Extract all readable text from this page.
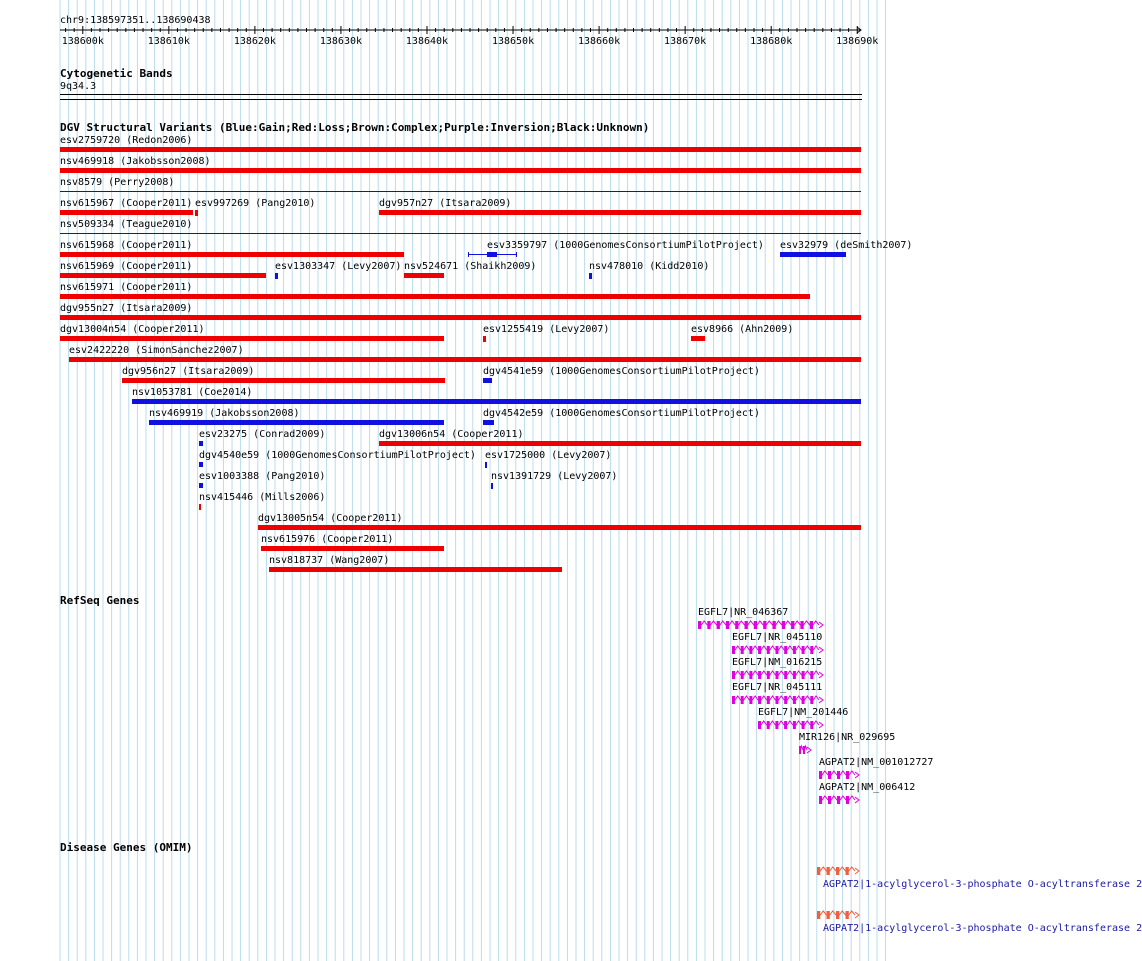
chr9:138597351..138690438
138600k	138610k	138620k	138630k	138640k	138650k	138660k	138670k	138680k	138690k
Cytogenetic Bands
9q34.3
DGV Structural Variants (Blue:Gain;Red:Loss;Brown:Complex;Purple:Inversion;Black:Unknown)
esv2759720 (Redon2006)
nsv469918 (Jakobsson2008)
nsv8579 (Perry2008)
nsv615967 (Cooper2011) esv997269 (Pang2010)	dgv957n27 (Itsara2009)
nsv509334 (Teague2010)
nsv615968 (Cooper2011)	esv3359797 (1000GenomesConsortiumPilotProject) esv32979 (deSmith2007)
nsv615969 (Cooper2011)	esv1303347 (Levy2007) nsv524671 (Shaikh2009)	nsv478010 (Kidd2010)
nsv615971 (Cooper2011)
dgv955n27 (Itsara2009)
dgv13004n54 (Cooper2011)	esv1255419 (Levy2007)	esv8966 (Ahn2009)
esv2422220 (SimonSanchez2007)
dgv956n27 (Itsara2009)	dgv4541e59 (1000GenomesConsortiumPilotProject)
nsv1053781 (Coe2014)
nsv469919 (Jakobsson2008)	dgv4542e59 (1000GenomesConsortiumPilotProject)
esv23275 (Conrad2009)	dgv13006n54 (Cooper2011)
dgv4540e59 (1000GenomesConsortiumPilotProject) esv1725000 (Levy2007)
esv1003388 (Pang2010)	nsv1391729 (Levy2007)
nsv415446 (Mills2006)
dgv13005n54 (Cooper2011)
nsv615976 (Cooper2011)
nsv818737 (Wang2007)
RefSeq Genes
EGFL7|NR_046367
EGFL7|NR_045110
EGFL7|NM_016215
EGFL7|NR_045111
EGFL7|NM_201446
MIR126|NR_029695
AGPAT2|NM_001012727
AGPAT2|NM_006412
Disease Genes (OMIM)
AGPAT2|1-acylglycerol-3-phosphate O-acyltransferase 2
AGPAT2|1-acylglycerol-3-phosphate O-acyltransferase 2
